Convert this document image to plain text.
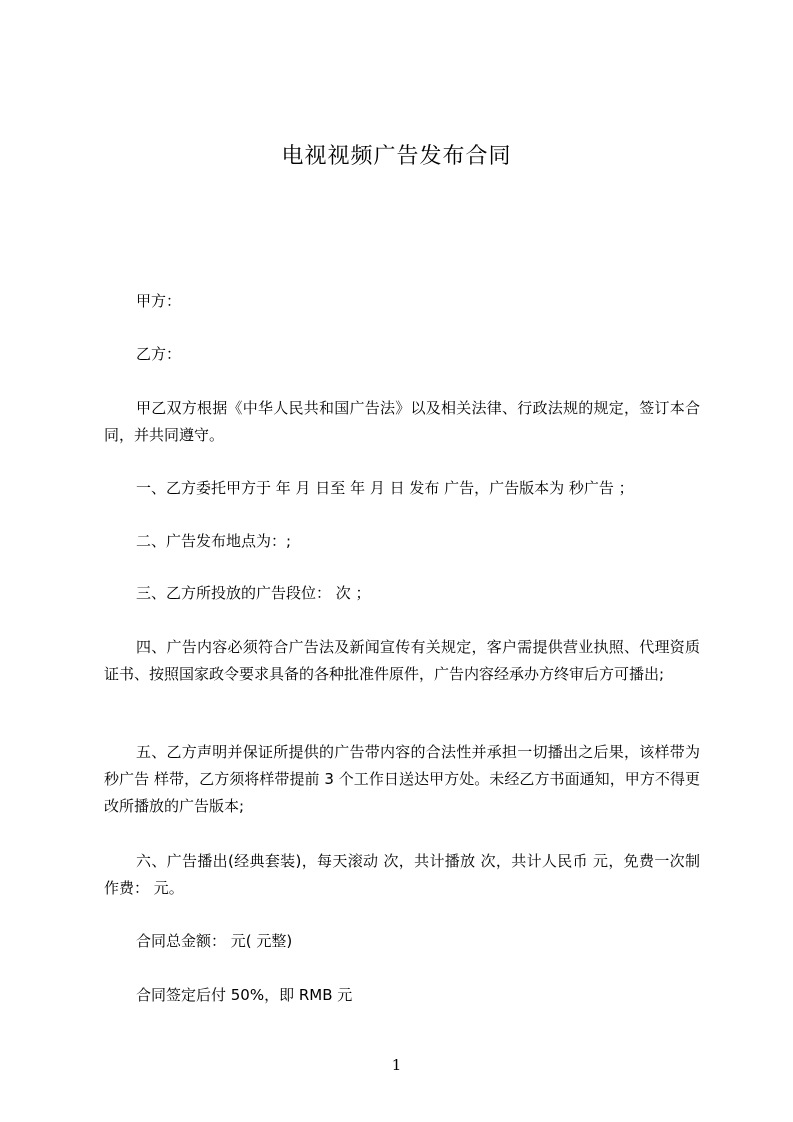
电视视频广告发布合同

甲方：

乙方：

甲乙双方根据《中华人民共和国广告法》以及相关法律、行政法规的规定，签订本合同，并共同遵守。

一、乙方委托甲方于 年 月 日至 年 月 日 发布 广告，广告版本为 秒广告 ；

二、广告发布地点为：;

三、乙方所投放的广告段位： 次 ；

四、广告内容必须符合广告法及新闻宣传有关规定，客户需提供营业执照、代理资质证书、按照国家政令要求具备的各种批准件原件，广告内容经承办方终审后方可播出;

五、乙方声明并保证所提供的广告带内容的合法性并承担一切播出之后果，该样带为 秒广告 样带，乙方须将样带提前 3 个工作日送达甲方处。未经乙方书面通知，甲方不得更改所播放的广告版本;

六、广告播出(经典套装)，每天滚动 次，共计播放 次，共计人民币 元，免费一次制作费： 元。

合同总金额： 元( 元整)

合同签定后付 50%，即 RMB 元

1
